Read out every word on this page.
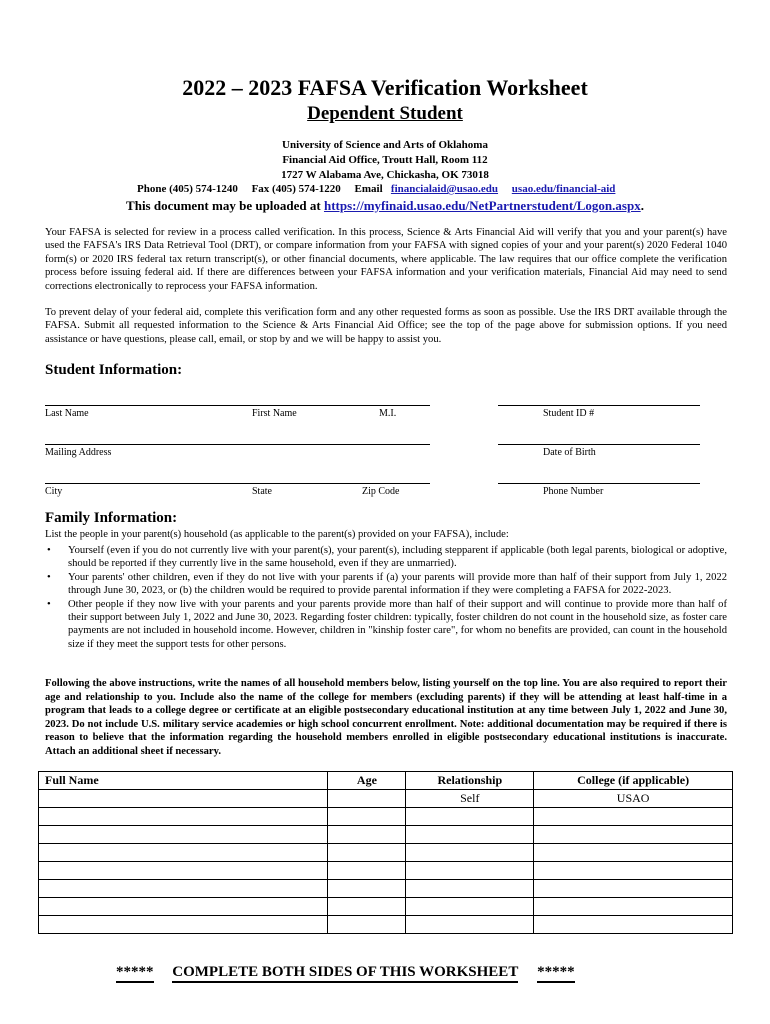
2022 – 2023 FAFSA Verification Worksheet
Dependent Student
University of Science and Arts of Oklahoma
Financial Aid Office, Troutt Hall, Room 112
1727 W Alabama Ave, Chickasha, OK 73018
Phone (405) 574-1240 Fax (405) 574-1220 Email financialaid@usao.edu usao.edu/financial-aid
This document may be uploaded at https://myfinaid.usao.edu/NetPartnerstudent/Logon.aspx.
Your FAFSA is selected for review in a process called verification. In this process, Science & Arts Financial Aid will verify that you and your parent(s) have used the FAFSA's IRS Data Retrieval Tool (DRT), or compare information from your FAFSA with signed copies of your and your parent(s) 2020 Federal 1040 form(s) or 2020 IRS federal tax return transcript(s), or other financial documents, where applicable. The law requires that our office complete the verification process before issuing federal aid. If there are differences between your FAFSA information and your verification materials, Financial Aid may need to send corrections electronically to reprocess your FAFSA information.
To prevent delay of your federal aid, complete this verification form and any other requested forms as soon as possible. Use the IRS DRT available through the FAFSA. Submit all requested information to the Science & Arts Financial Aid Office; see the top of the page above for submission options. If you need assistance or have questions, please call, email, or stop by and we will be happy to assist you.
Student Information:
Last Name	First Name	M.I.	Student ID #
Mailing Address	Date of Birth
City	State	Zip Code	Phone Number
Family Information:
List the people in your parent(s) household (as applicable to the parent(s) provided on your FAFSA), include:
• Yourself (even if you do not currently live with your parent(s), your parent(s), including stepparent if applicable (both legal parents, biological or adoptive, should be reported if they currently live in the same household, even if they are unmarried).
• Your parents' other children, even if they do not live with your parents if (a) your parents will provide more than half of their support from July 1, 2022 through June 30, 2023, or (b) the children would be required to provide parental information if they were completing a FAFSA for 2022-2023.
• Other people if they now live with your parents and your parents provide more than half of their support and will continue to provide more than half of their support between July 1, 2022 and June 30, 2023. Regarding foster children: typically, foster children do not count in the household size, as foster care payments are not included in household income. However, children in "kinship foster care", for whom no benefits are provided, can count in the household size if they meet the support tests for other persons.
Following the above instructions, write the names of all household members below, listing yourself on the top line. You are also required to report their age and relationship to you. Include also the name of the college for members (excluding parents) if they will be attending at least half-time in a program that leads to a college degree or certificate at an eligible postsecondary educational institution at any time between July 1, 2022 and June 30, 2023. Do not include U.S. military service academies or high school concurrent enrollment. Note: additional documentation may be required if there is reason to believe that the information regarding the household members enrolled in eligible postsecondary educational institutions is inaccurate. Attach an additional sheet if necessary.
Full Name	Age	Relationship	College (if applicable)
		Self	USAO

***** COMPLETE BOTH SIDES OF THIS WORKSHEET *****
